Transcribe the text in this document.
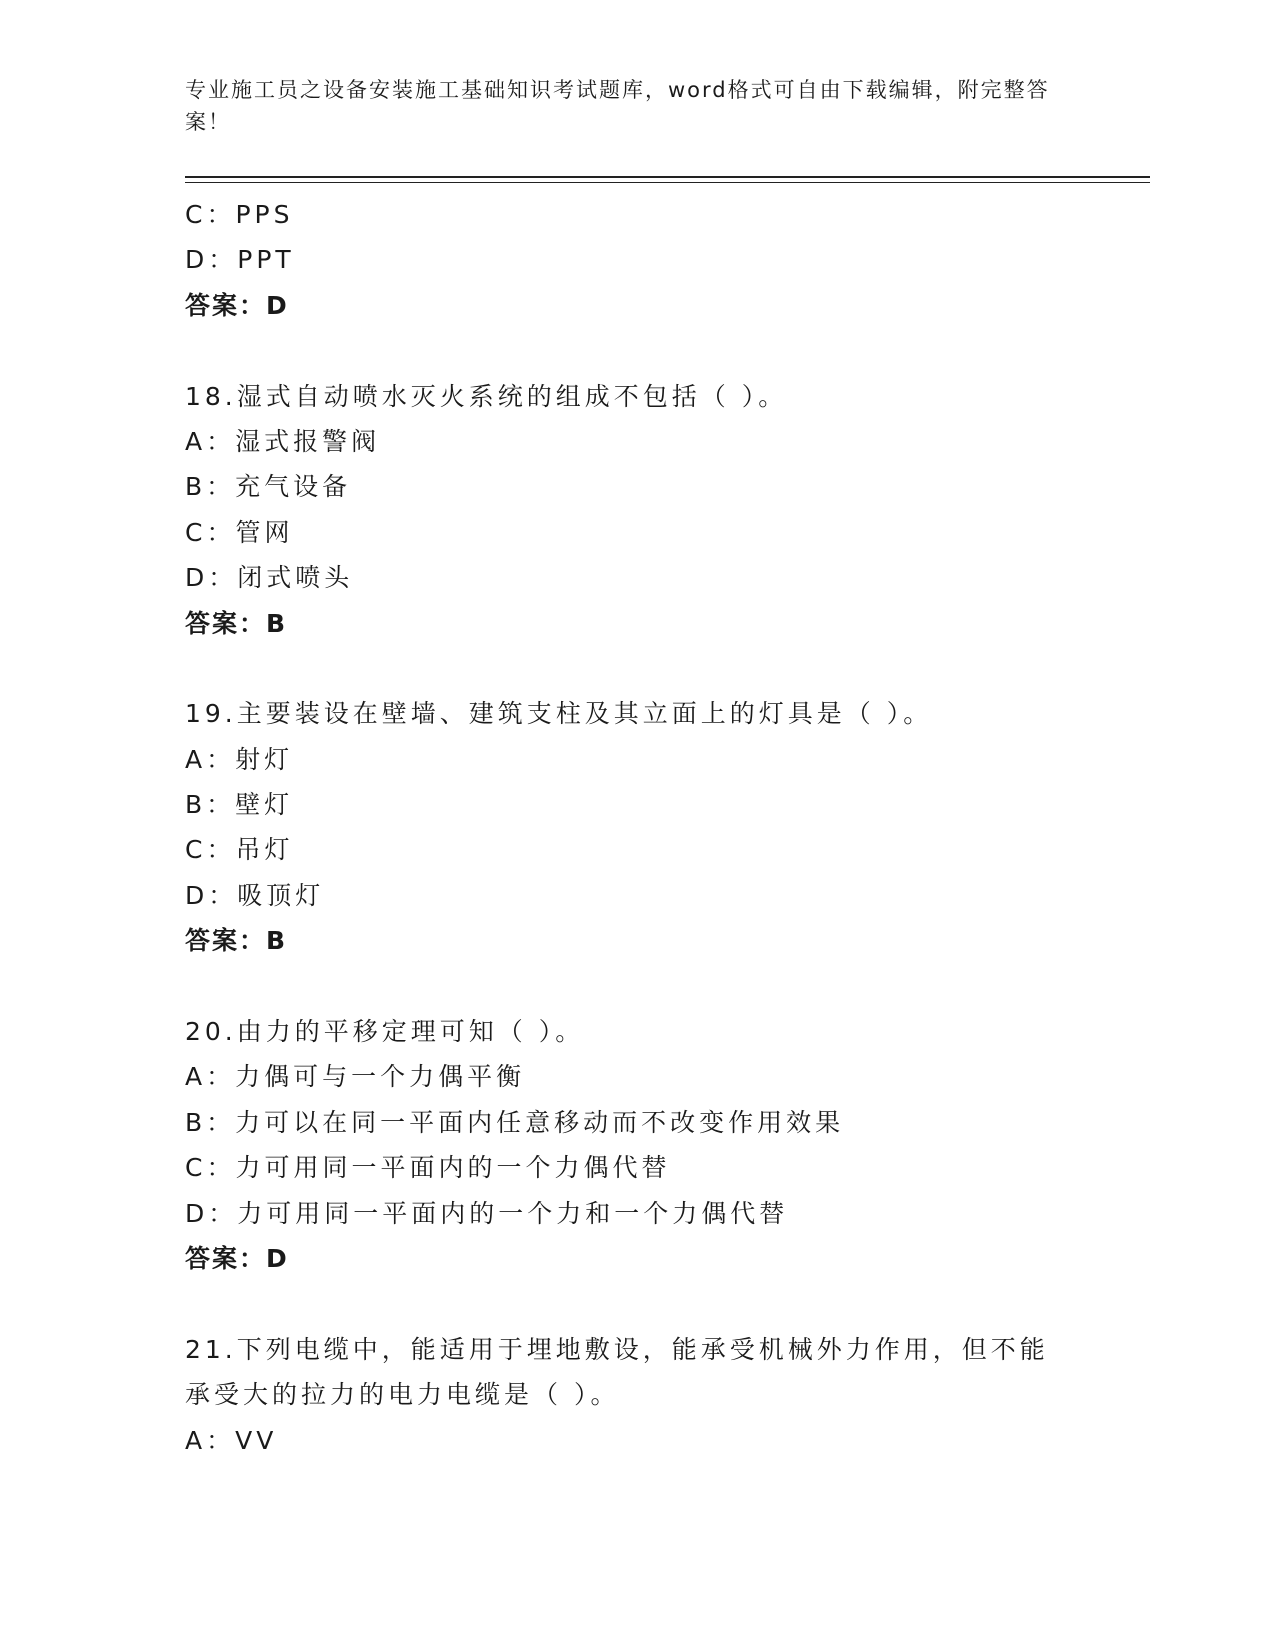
专业施工员之设备安装施工基础知识考试题库，word格式可自由下载编辑，附完整答案！
C：PPS
D：PPT
答案：D
18.湿式自动喷水灭火系统的组成不包括（ ）。
A：湿式报警阀
B：充气设备
C：管网
D：闭式喷头
答案：B
19.主要装设在壁墙、建筑支柱及其立面上的灯具是（ ）。
A：射灯
B：壁灯
C：吊灯
D：吸顶灯
答案：B
20.由力的平移定理可知（ ）。
A：力偶可与一个力偶平衡
B：力可以在同一平面内任意移动而不改变作用效果
C：力可用同一平面内的一个力偶代替
D：力可用同一平面内的一个力和一个力偶代替
答案：D
21.下列电缆中，能适用于埋地敷设，能承受机械外力作用，但不能承受大的拉力的电力电缆是（ ）。
A：VV
